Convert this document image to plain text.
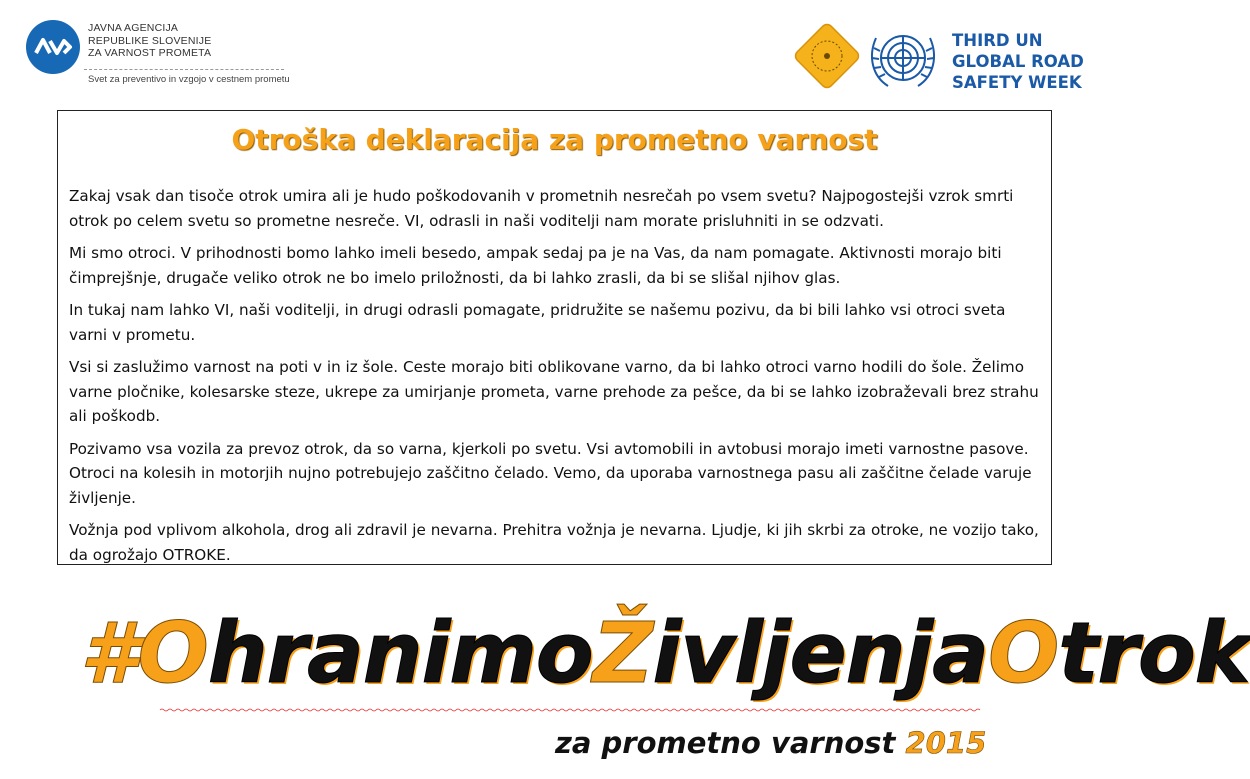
JAVNA AGENCIJA
REPUBLIKE SLOVENIJE
ZA VARNOST PROMETA
Svet za preventivo in vzgojo v cestnem prometu
THIRD UN
GLOBAL ROAD
SAFETY WEEK
Otroška deklaracija za prometno varnost

Zakaj vsak dan tisoče otrok umira ali je hudo poškodovanih v prometnih nesrečah po vsem svetu? Najpogostejši vzrok smrti otrok po celem svetu so prometne nesreče. VI, odrasli in naši voditelji nam morate prisluhniti in se odzvati.

Mi smo otroci. V prihodnosti bomo lahko imeli besedo, ampak sedaj pa je na Vas, da nam pomagate. Aktivnosti morajo biti čimprejšnje, drugače veliko otrok ne bo imelo priložnosti, da bi lahko zrasli, da bi se slišal njihov glas.

In tukaj nam lahko VI, naši voditelji, in drugi odrasli pomagate, pridružite se našemu pozivu, da bi bili lahko vsi otroci sveta varni v prometu.

Vsi si zaslužimo varnost na poti v in iz šole. Ceste morajo biti oblikovane varno, da bi lahko otroci varno hodili do šole. Želimo varne pločnike, kolesarske steze, ukrepe za umirjanje prometa, varne prehode za pešce, da bi se lahko izobraževali brez strahu ali poškodb.

Pozivamo vsa vozila za prevoz otrok, da so varna, kjerkoli po svetu. Vsi avtomobili in avtobusi morajo imeti varnostne pasove. Otroci na kolesih in motorjih nujno potrebujejo zaščitno čelado. Vemo, da uporaba varnostnega pasu ali zaščitne čelade varuje življenje.

Vožnja pod vplivom alkohola, drog ali zdravil je nevarna. Prehitra vožnja je nevarna. Ljudje, ki jih skrbi za otroke, ne vozijo tako, da ogrožajo OTROKE.

#OhranimoŽivljenjaOtrok
za prometno varnost 2015
